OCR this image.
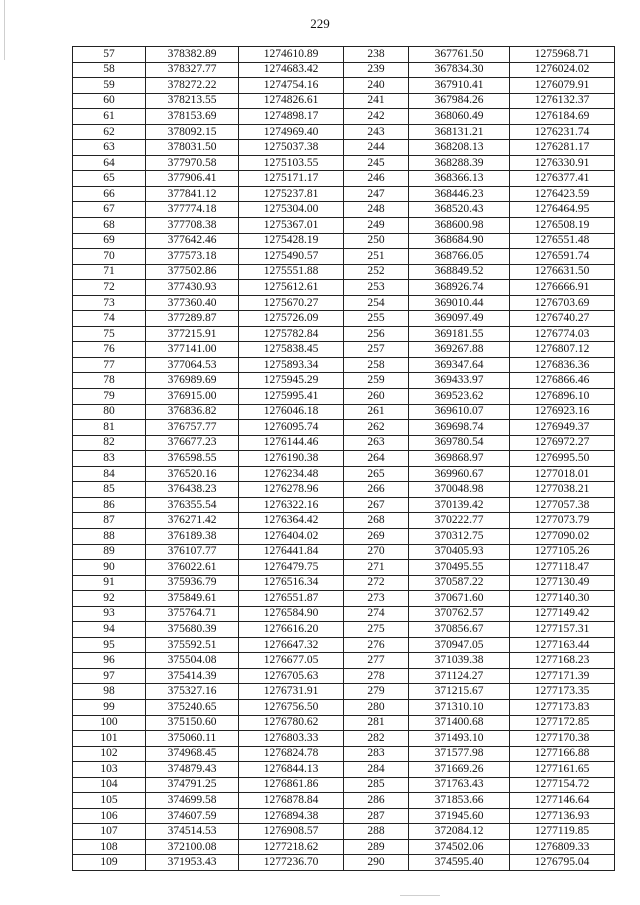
229
57	378382.89	1274610.89	238	367761.50	1275968.71
58	378327.77	1274683.42	239	367834.30	1276024.02
59	378272.22	1274754.16	240	367910.41	1276079.91
60	378213.55	1274826.61	241	367984.26	1276132.37
61	378153.69	1274898.17	242	368060.49	1276184.69
62	378092.15	1274969.40	243	368131.21	1276231.74
63	378031.50	1275037.38	244	368208.13	1276281.17
64	377970.58	1275103.55	245	368288.39	1276330.91
65	377906.41	1275171.17	246	368366.13	1276377.41
66	377841.12	1275237.81	247	368446.23	1276423.59
67	377774.18	1275304.00	248	368520.43	1276464.95
68	377708.38	1275367.01	249	368600.98	1276508.19
69	377642.46	1275428.19	250	368684.90	1276551.48
70	377573.18	1275490.57	251	368766.05	1276591.74
71	377502.86	1275551.88	252	368849.52	1276631.50
72	377430.93	1275612.61	253	368926.74	1276666.91
73	377360.40	1275670.27	254	369010.44	1276703.69
74	377289.87	1275726.09	255	369097.49	1276740.27
75	377215.91	1275782.84	256	369181.55	1276774.03
76	377141.00	1275838.45	257	369267.88	1276807.12
77	377064.53	1275893.34	258	369347.64	1276836.36
78	376989.69	1275945.29	259	369433.97	1276866.46
79	376915.00	1275995.41	260	369523.62	1276896.10
80	376836.82	1276046.18	261	369610.07	1276923.16
81	376757.77	1276095.74	262	369698.74	1276949.37
82	376677.23	1276144.46	263	369780.54	1276972.27
83	376598.55	1276190.38	264	369868.97	1276995.50
84	376520.16	1276234.48	265	369960.67	1277018.01
85	376438.23	1276278.96	266	370048.98	1277038.21
86	376355.54	1276322.16	267	370139.42	1277057.38
87	376271.42	1276364.42	268	370222.77	1277073.79
88	376189.38	1276404.02	269	370312.75	1277090.02
89	376107.77	1276441.84	270	370405.93	1277105.26
90	376022.61	1276479.75	271	370495.55	1277118.47
91	375936.79	1276516.34	272	370587.22	1277130.49
92	375849.61	1276551.87	273	370671.60	1277140.30
93	375764.71	1276584.90	274	370762.57	1277149.42
94	375680.39	1276616.20	275	370856.67	1277157.31
95	375592.51	1276647.32	276	370947.05	1277163.44
96	375504.08	1276677.05	277	371039.38	1277168.23
97	375414.39	1276705.63	278	371124.27	1277171.39
98	375327.16	1276731.91	279	371215.67	1277173.35
99	375240.65	1276756.50	280	371310.10	1277173.83
100	375150.60	1276780.62	281	371400.68	1277172.85
101	375060.11	1276803.33	282	371493.10	1277170.38
102	374968.45	1276824.78	283	371577.98	1277166.88
103	374879.43	1276844.13	284	371669.26	1277161.65
104	374791.25	1276861.86	285	371763.43	1277154.72
105	374699.58	1276878.84	286	371853.66	1277146.64
106	374607.59	1276894.38	287	371945.60	1277136.93
107	374514.53	1276908.57	288	372084.12	1277119.85
108	372100.08	1277218.62	289	374502.06	1276809.33
109	371953.43	1277236.70	290	374595.40	1276795.04
